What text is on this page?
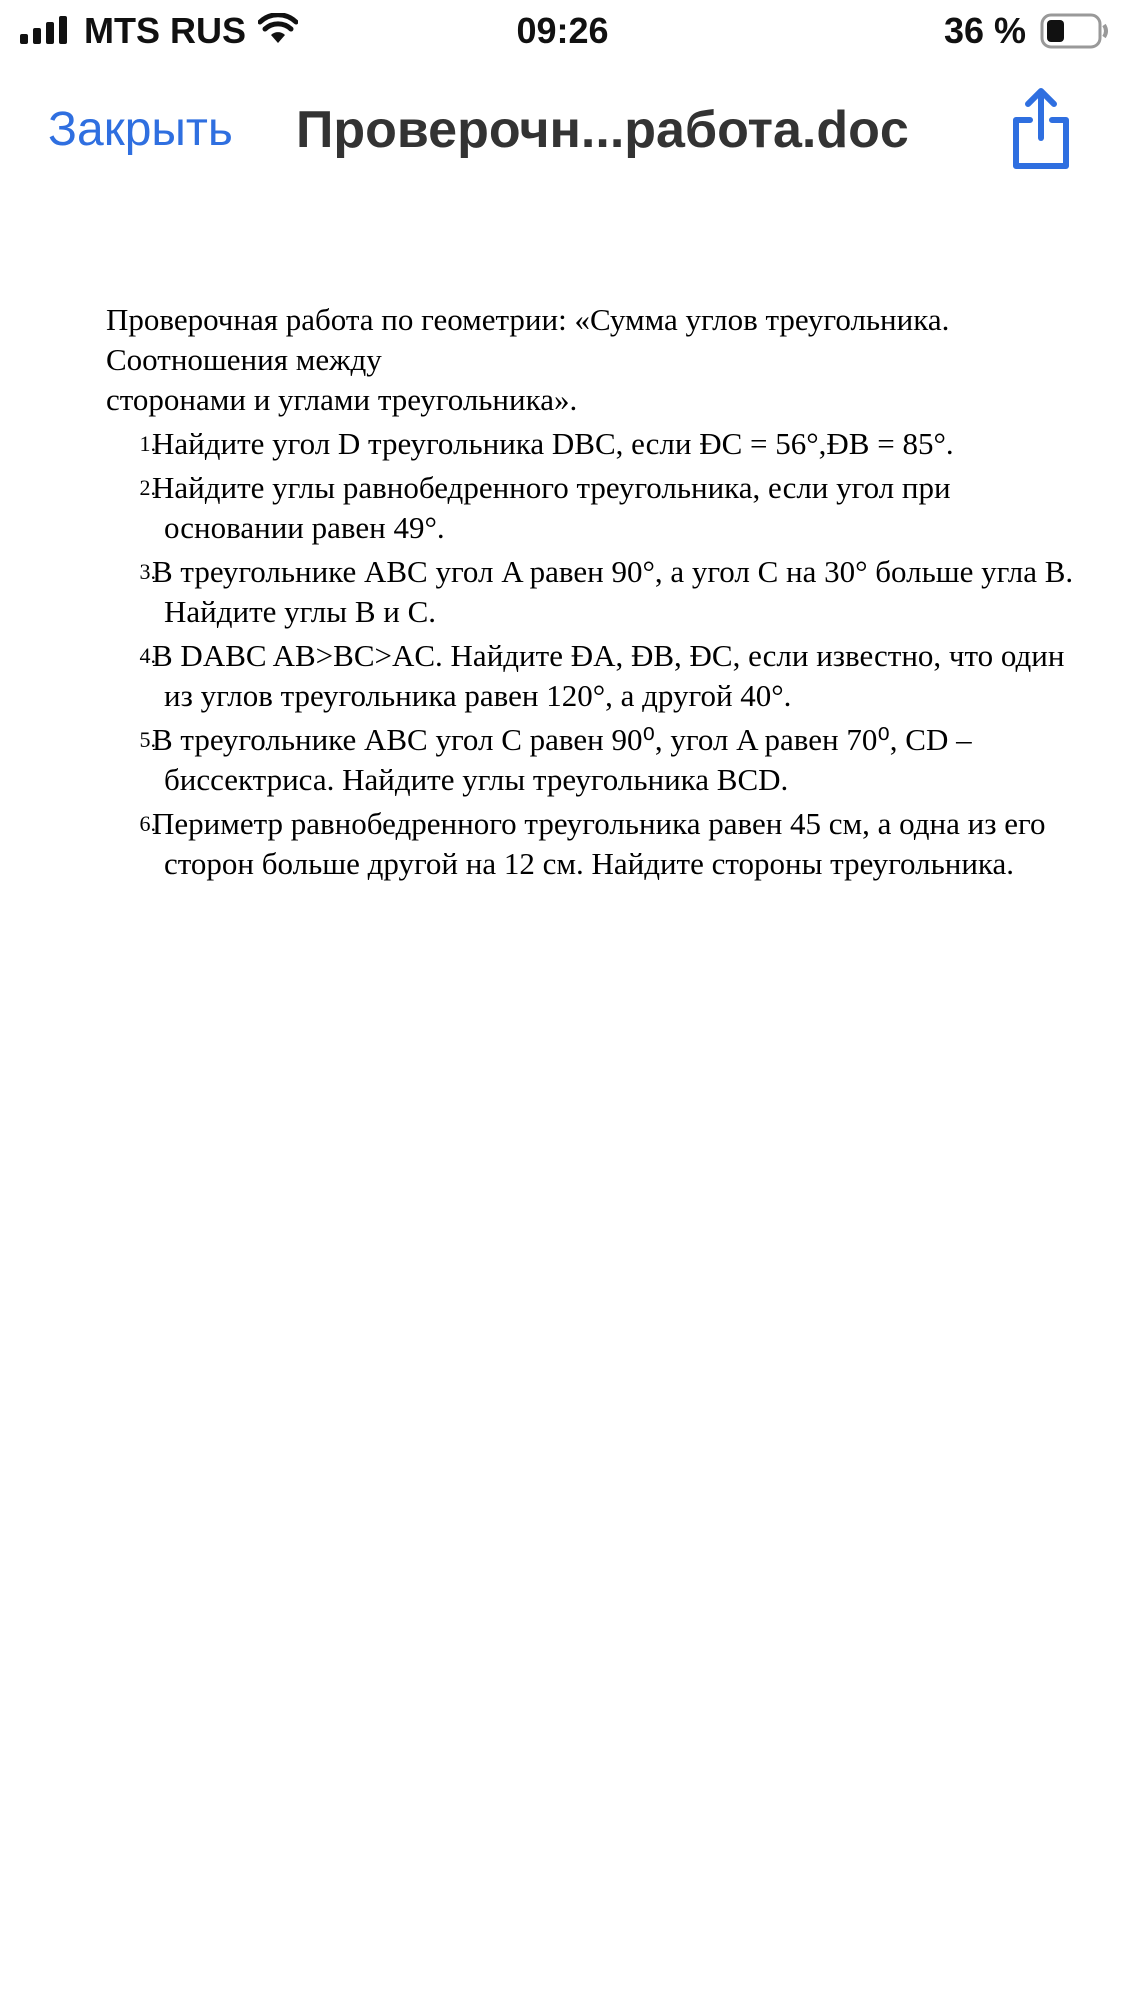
MTS RUS	09:26	36 %
Закрыть Проверочн...работа.doc

Проверочная работа по геометрии: «Сумма углов треугольника.

Соотношения между

сторонами и углами треугольника».

1.
Найдите угол D треугольника DBC, если ÐC = 56°,ÐB = 85°.
2.
Найдите углы равнобедренного треугольника, если угол при основании равен 49°.
3.
В треугольнике ABC угол A равен 90°, а угол C на 30° больше угла B. Найдите углы B и C.
4.
В DABC AB>BC>AC. Найдите ÐA, ÐB, ÐC, если известно, что один из углов треугольника равен 120°, а другой 40°.
5.
В треугольнике ABC угол C равен 90⁰, угол A равен 70⁰, CD – биссектриса. Найдите углы треугольника BCD.
6.
Периметр равнобедренного треугольника равен 45 см, а одна из его сторон больше другой на 12 см. Найдите стороны треугольника.
